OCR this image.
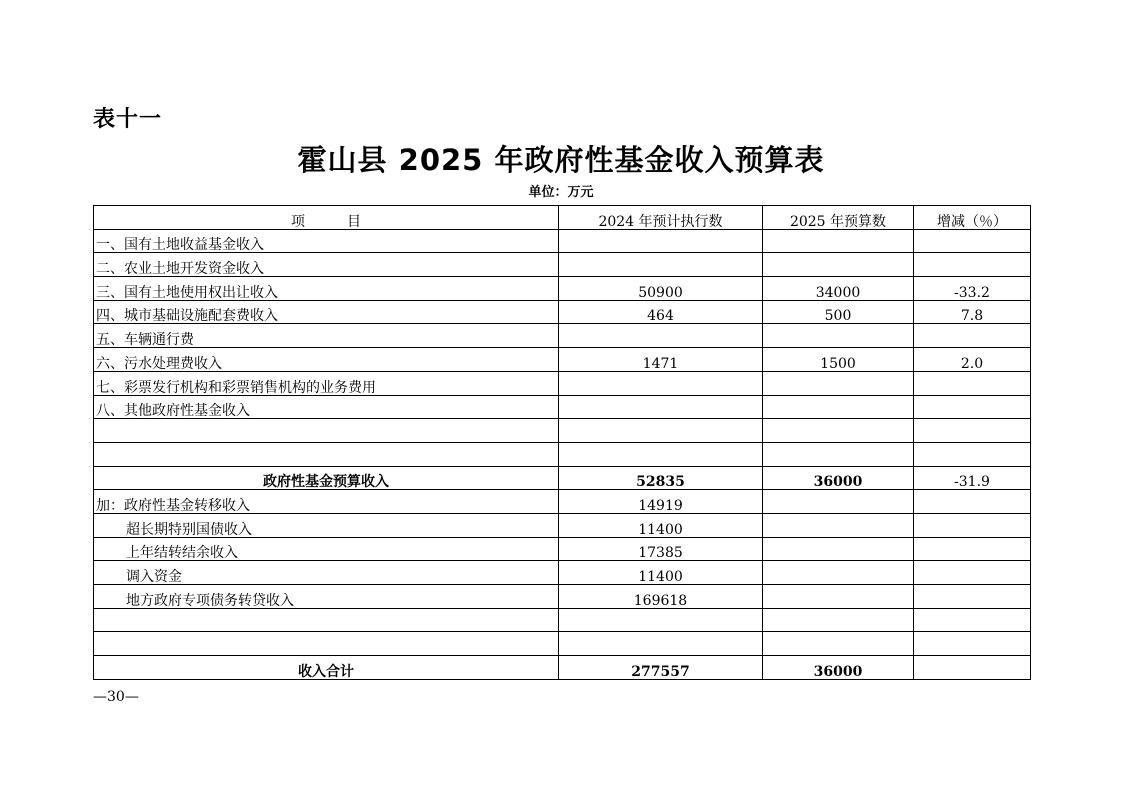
表十一
霍山县 2025 年政府性基金收入预算表
单位：万元
项　　　目	2024 年预计执行数	2025 年预算数	增减（％）
一、国有土地收益基金收入			
二、农业土地开发资金收入			
三、国有土地使用权出让收入	50900	34000	-33.2
四、城市基础设施配套费收入	464	500	7.8
五、车辆通行费			
六、污水处理费收入	1471	1500	2.0
七、彩票发行机构和彩票销售机构的业务费用			
八、其他政府性基金收入			

政府性基金预算收入	52835	36000	-31.9
加：政府性基金转移收入	14919		
超长期特别国债收入	11400		
上年结转结余收入	17385		
调入资金	11400		
地方政府专项债务转贷收入	169618		

收入合计	277557	36000	
—30—
